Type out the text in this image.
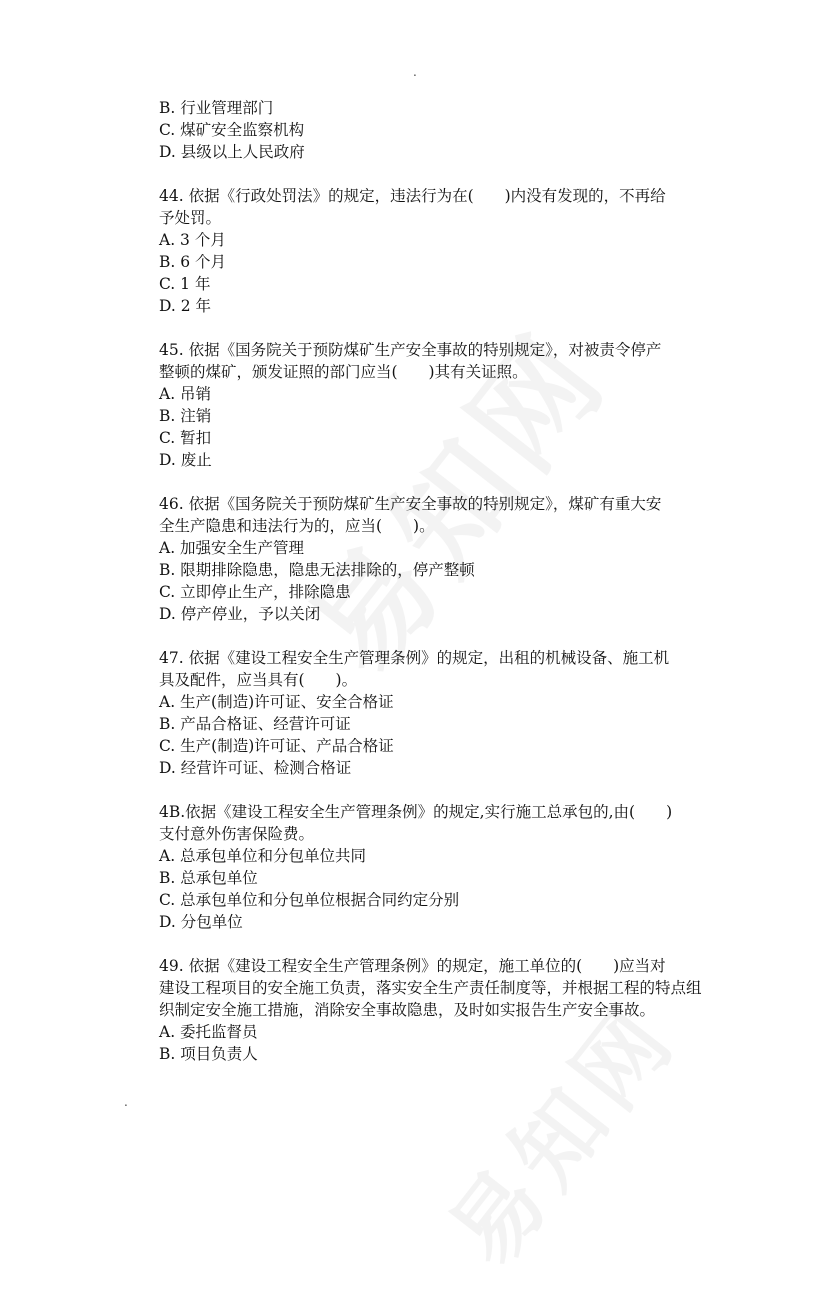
.
.
B. 行业管理部门
C. 煤矿安全监察机构
D. 县级以上人民政府
44. 依据《行政处罚法》的规定，违法行为在(　　)内没有发现的，不再给
予处罚。
A. 3 个月
B. 6 个月
C. 1 年
D. 2 年
45. 依据《国务院关于预防煤矿生产安全事故的特别规定》，对被责令停产
整顿的煤矿，颁发证照的部门应当(　　)其有关证照。
A. 吊销
B. 注销
C. 暂扣
D. 废止
46. 依据《国务院关于预防煤矿生产安全事故的特别规定》，煤矿有重大安
全生产隐患和违法行为的，应当(　　)。
A. 加强安全生产管理
B. 限期排除隐患，隐患无法排除的，停产整顿
C. 立即停止生产，排除隐患
D. 停产停业，予以关闭
47. 依据《建设工程安全生产管理条例》的规定，出租的机械设备、施工机
具及配件，应当具有(　　)。
A. 生产(制造)许可证、安全合格证
B. 产品合格证、经营许可证
C. 生产(制造)许可证、产品合格证
D. 经营许可证、检测合格证
4B.依据《建设工程安全生产管理条例》的规定,实行施工总承包的,由(　　)
支付意外伤害保险费。
A. 总承包单位和分包单位共同
B. 总承包单位
C. 总承包单位和分包单位根据合同约定分别
D. 分包单位
49. 依据《建设工程安全生产管理条例》的规定，施工单位的(　　)应当对
建设工程项目的安全施工负责，落实安全生产责任制度等，并根据工程的特点组
织制定安全施工措施，消除安全事故隐患，及时如实报告生产安全事故。
A. 委托监督员
B. 项目负责人
